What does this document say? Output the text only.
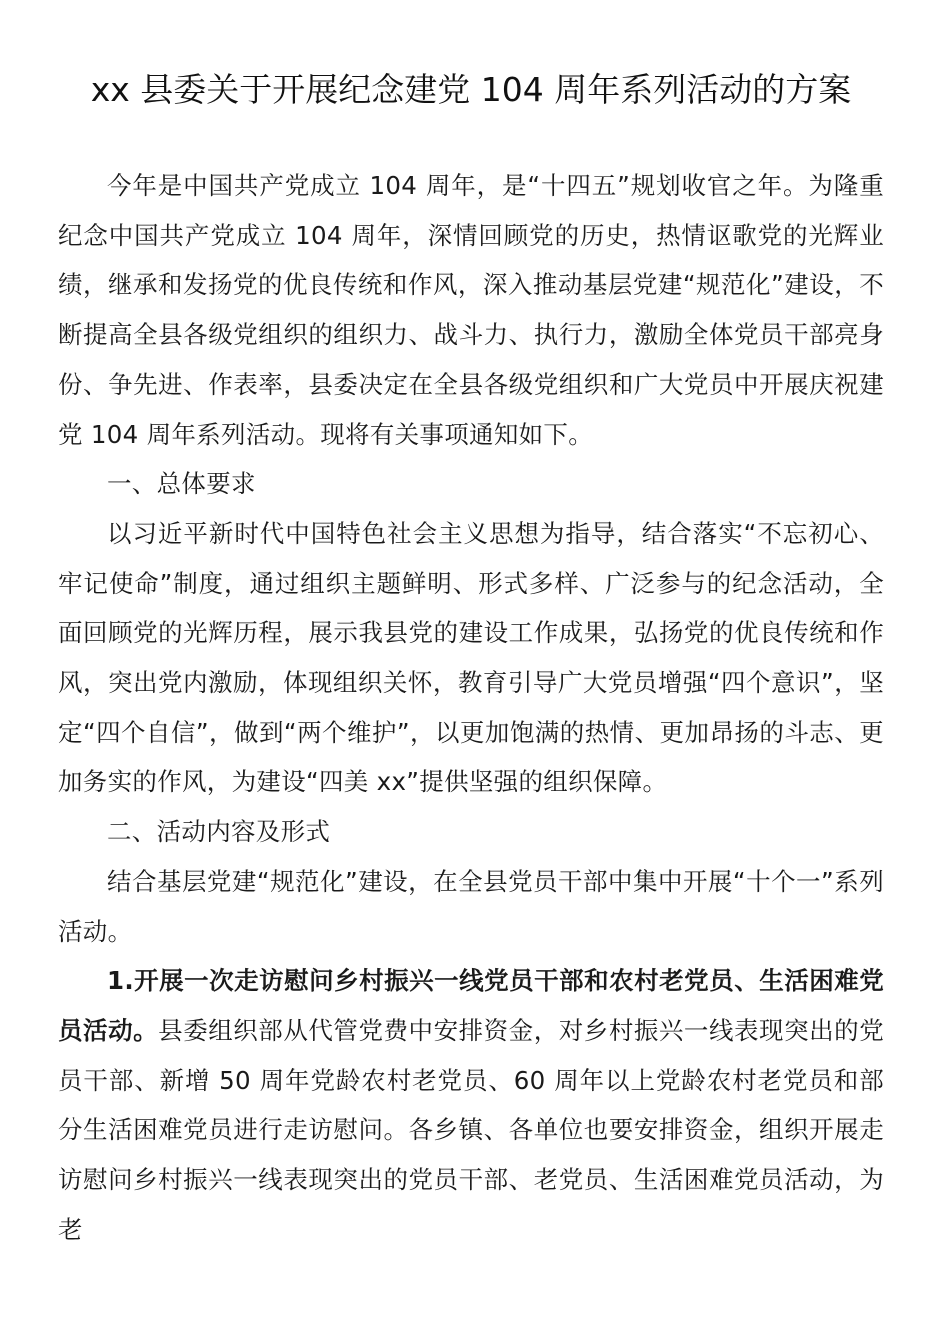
xx 县委关于开展纪念建党 104 周年系列活动的方案

今年是中国共产党成立 104 周年，是“十四五”规划收官之年。为隆重纪念中国共产党成立 104 周年，深情回顾党的历史，热情讴歌党的光辉业绩，继承和发扬党的优良传统和作风，深入推动基层党建“规范化”建设，不断提高全县各级党组织的组织力、战斗力、执行力，激励全体党员干部亮身份、争先进、作表率，县委决定在全县各级党组织和广大党员中开展庆祝建党 104 周年系列活动。现将有关事项通知如下。

一、总体要求

以习近平新时代中国特色社会主义思想为指导，结合落实“不忘初心、牢记使命”制度，通过组织主题鲜明、形式多样、广泛参与的纪念活动，全面回顾党的光辉历程，展示我县党的建设工作成果，弘扬党的优良传统和作风，突出党内激励，体现组织关怀，教育引导广大党员增强“四个意识”，坚定“四个自信”，做到“两个维护”，以更加饱满的热情、更加昂扬的斗志、更加务实的作风，为建设“四美 xx”提供坚强的组织保障。

二、活动内容及形式

结合基层党建“规范化”建设，在全县党员干部中集中开展“十个一”系列活动。

1.开展一次走访慰问乡村振兴一线党员干部和农村老党员、生活困难党员活动。县委组织部从代管党费中安排资金，对乡村振兴一线表现突出的党员干部、新增 50 周年党龄农村老党员、60 周年以上党龄农村老党员和部分生活困难党员进行走访慰问。各乡镇、各单位也要安排资金，组织开展走访慰问乡村振兴一线表现突出的党员干部、老党员、生活困难党员活动，为老
